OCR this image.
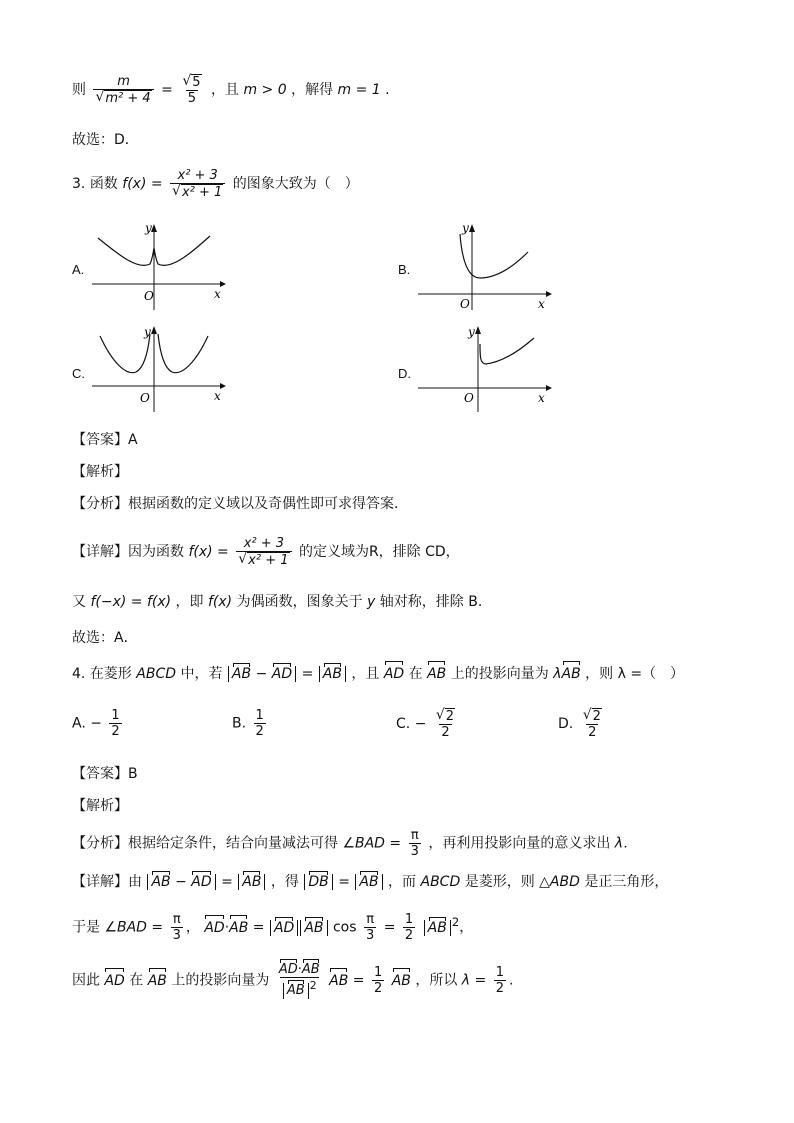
则 $\frac{m}{\text{√ m² + 4}} = \frac{√ 5}{5}$ ，且 m > 0 ，解得 m = 1 .
故选：D．
3. 函数 $f(x) = \frac{\text{x² + 3}}{\text{√ x² + 1}}$ 的图象大致为（　）
A.
O	x
y
B.
O	x
y
C.
O	x
y
D.
O	x
y
【答案】A
【解析】
【分析】根据函数的定义域以及奇偶性即可求得答案．
【详解】因为函数 $f(x) = \frac{\text{x² + 3}}{\text{√ x² + 1}}$ 的定义域为R，排除 CD，
又 f(−x) = f(x) ，即 f(x) 为偶函数，图象关于 y 轴对称，排除 B．
故选：A．
4. 在菱形 ABCD 中，若 AB − AD = AB ，且 AD 在 AB 上的投影向量为 λAB ，则 λ =（　）
A. − $\frac{1}{2}$	B. $\frac{1}{2}$	C. − $\frac{√ 2}{2}$	D. $\frac{√ 2}{2}$
【答案】B
【解析】
【分析】根据给定条件，结合向量减法可得 ∠BAD = $\frac{\pi}{3}$ ，再利用投影向量的意义求出 λ．
【详解】由 AB − AD = AB ，得 DB = AB ，而 ABCD 是菱形，则 △ABD 是正三角形，
于是 ∠BAD = $\frac{\pi}{3}$ ， AD·AB = AD AB $\cos \frac{\pi}{3} = \frac{1}{2}$ AB $^2$，
因此 AD 在 AB 上的投影向量为 $\frac{AD\cdot AB}{AB ^2}$ AB = $\frac{1}{2}$ AB ，所以 $\lambda = \frac{1}{2}$ .
